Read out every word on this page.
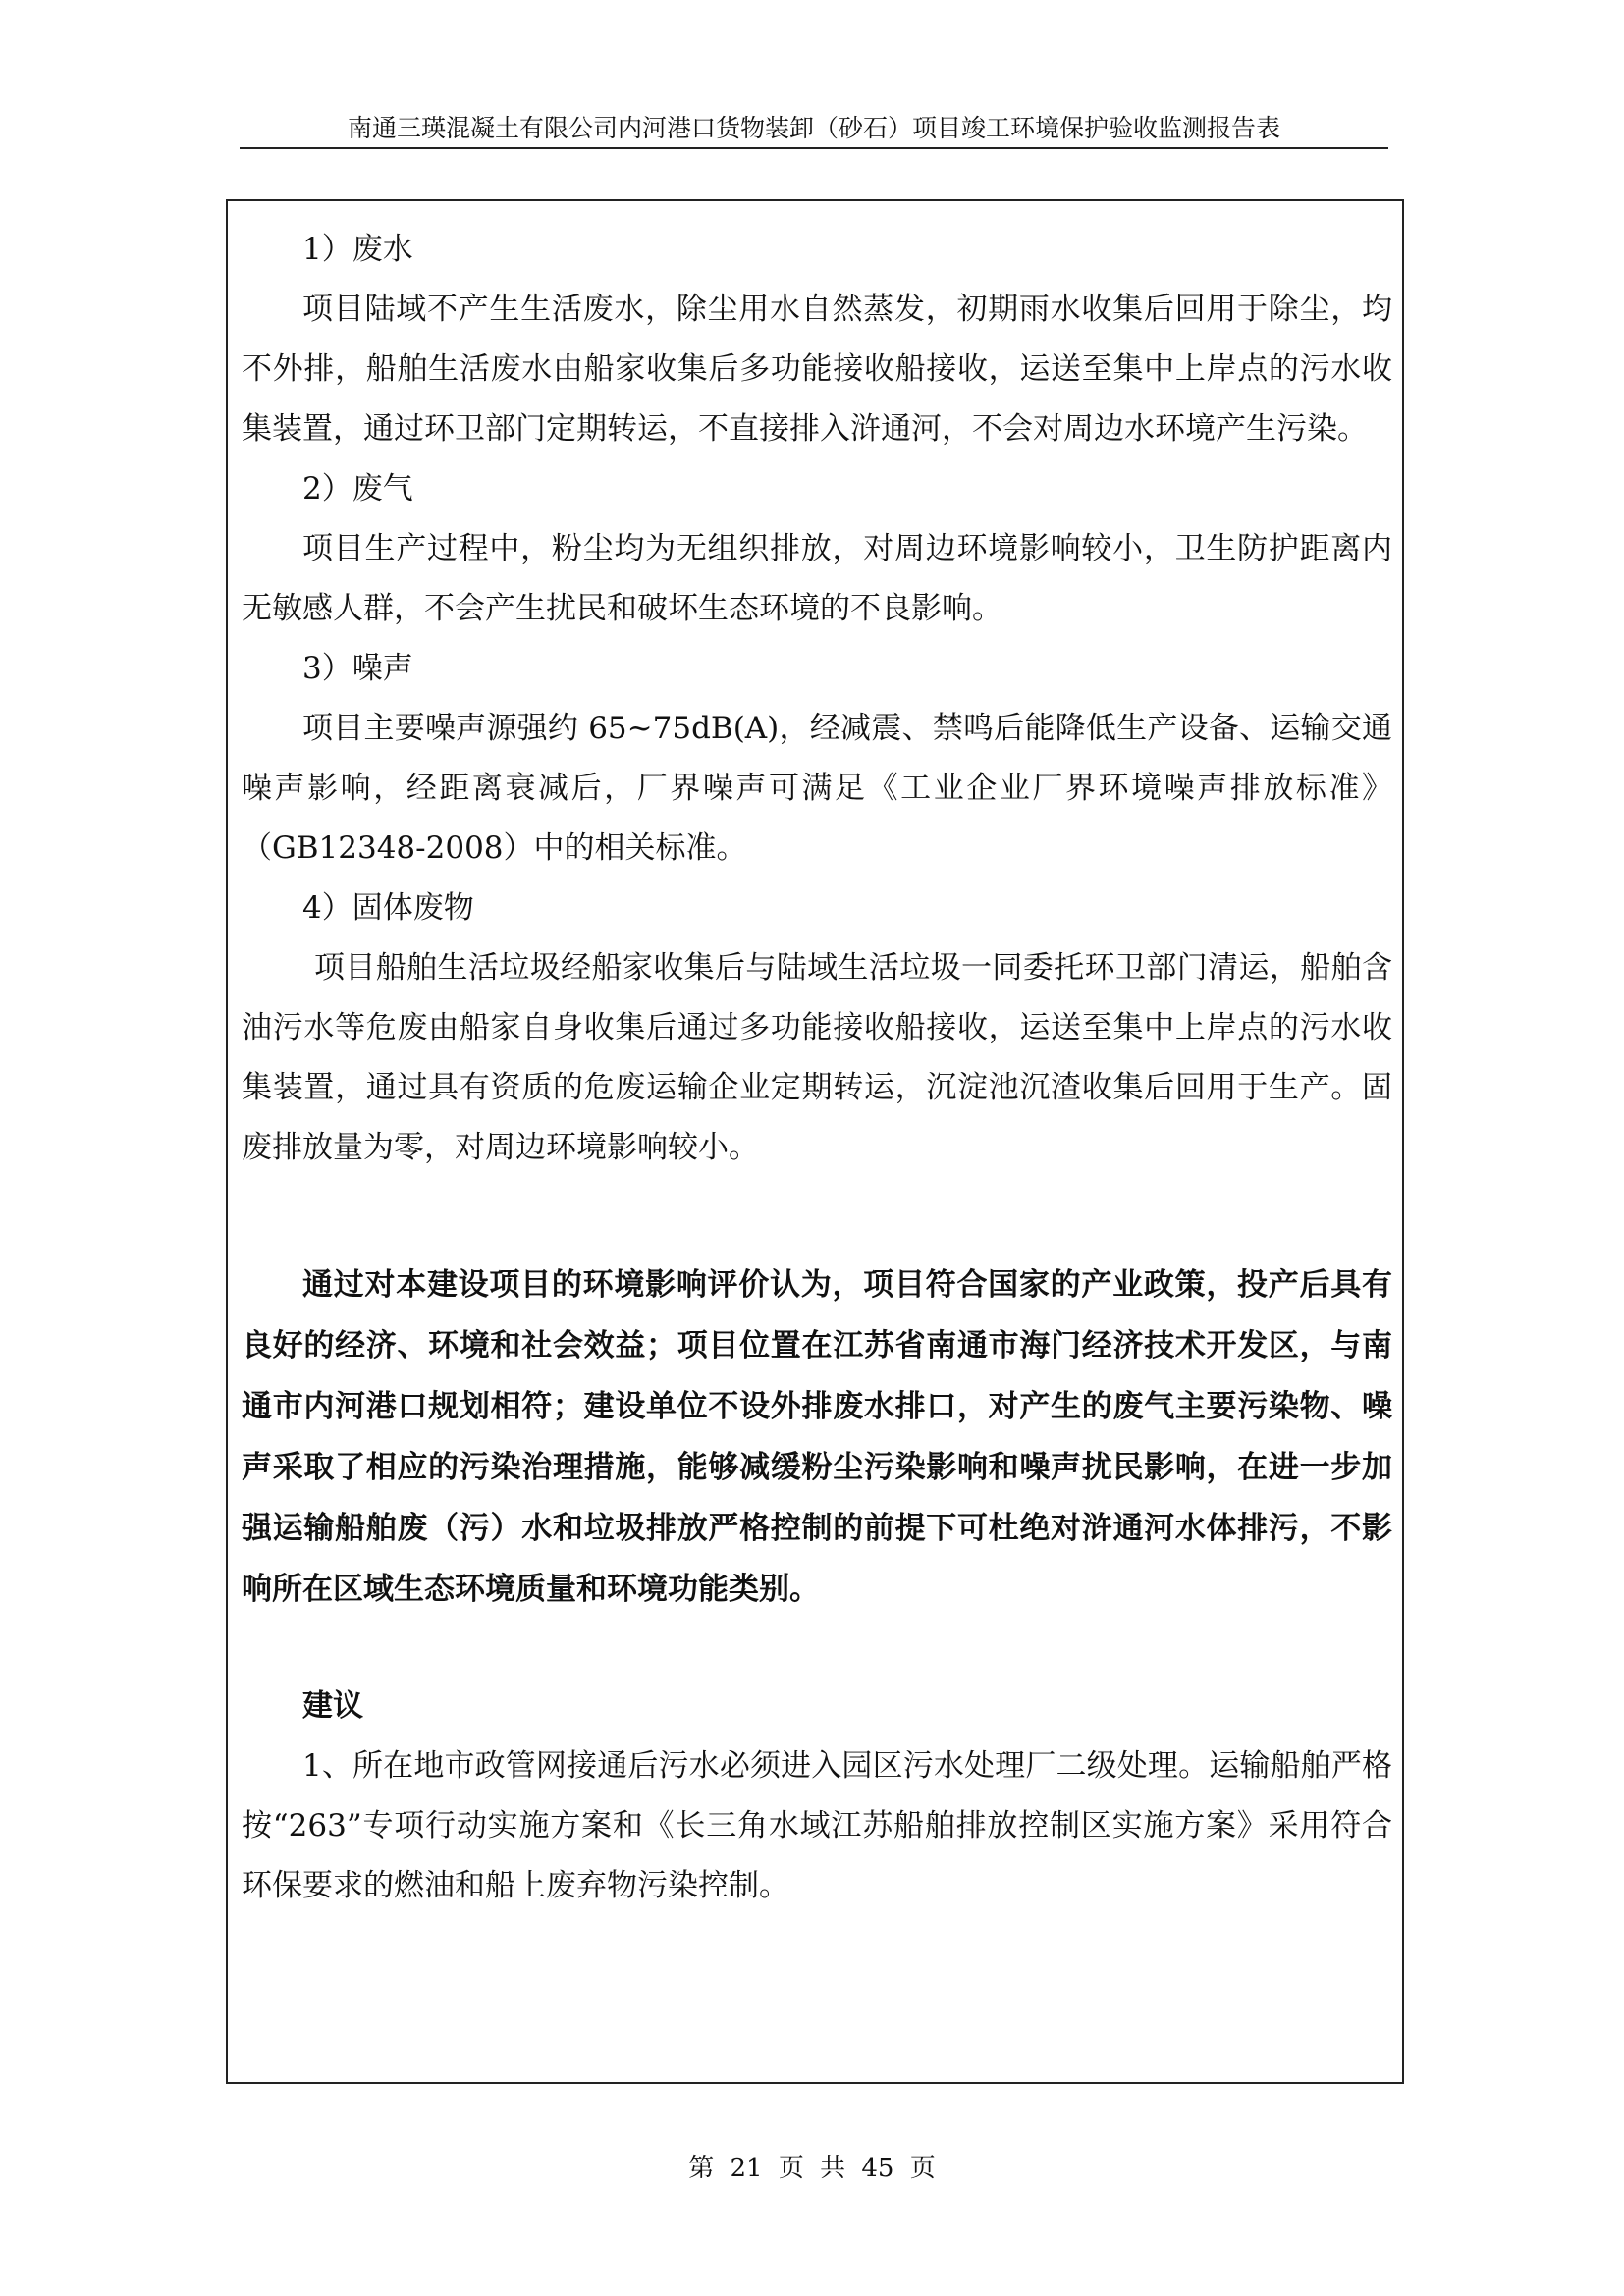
南通三瑛混凝土有限公司内河港口货物装卸（砂石）项目竣工环境保护验收监测报告表

1）废水

项目陆域不产生生活废水，除尘用水自然蒸发，初期雨水收集后回用于除尘，均不外排，船舶生活废水由船家收集后多功能接收船接收，运送至集中上岸点的污水收集装置，通过环卫部门定期转运，不直接排入浒通河，不会对周边水环境产生污染。

2）废气

项目生产过程中，粉尘均为无组织排放，对周边环境影响较小，卫生防护距离内无敏感人群，不会产生扰民和破坏生态环境的不良影响。

3）噪声

项目主要噪声源强约 65~75dB(A)，经减震、禁鸣后能降低生产设备、运输交通噪声影响，经距离衰减后，厂界噪声可满足《工业企业厂界环境噪声排放标准》（GB12348-2008）中的相关标准。

4）固体废物

项目船舶生活垃圾经船家收集后与陆域生活垃圾一同委托环卫部门清运，船舶含油污水等危废由船家自身收集后通过多功能接收船接收，运送至集中上岸点的污水收集装置，通过具有资质的危废运输企业定期转运，沉淀池沉渣收集后回用于生产。固废排放量为零，对周边环境影响较小。

通过对本建设项目的环境影响评价认为，项目符合国家的产业政策，投产后具有良好的经济、环境和社会效益；项目位置在江苏省南通市海门经济技术开发区，与南通市内河港口规划相符；建设单位不设外排废水排口，对产生的废气主要污染物、噪声采取了相应的污染治理措施，能够减缓粉尘污染影响和噪声扰民影响，在进一步加强运输船舶废（污）水和垃圾排放严格控制的前提下可杜绝对浒通河水体排污，不影响所在区域生态环境质量和环境功能类别。

建议

1、所在地市政管网接通后污水必须进入园区污水处理厂二级处理。运输船舶严格按“263”专项行动实施方案和《长三角水域江苏船舶排放控制区实施方案》采用符合环保要求的燃油和船上废弃物污染控制。

第 21 页 共 45 页
